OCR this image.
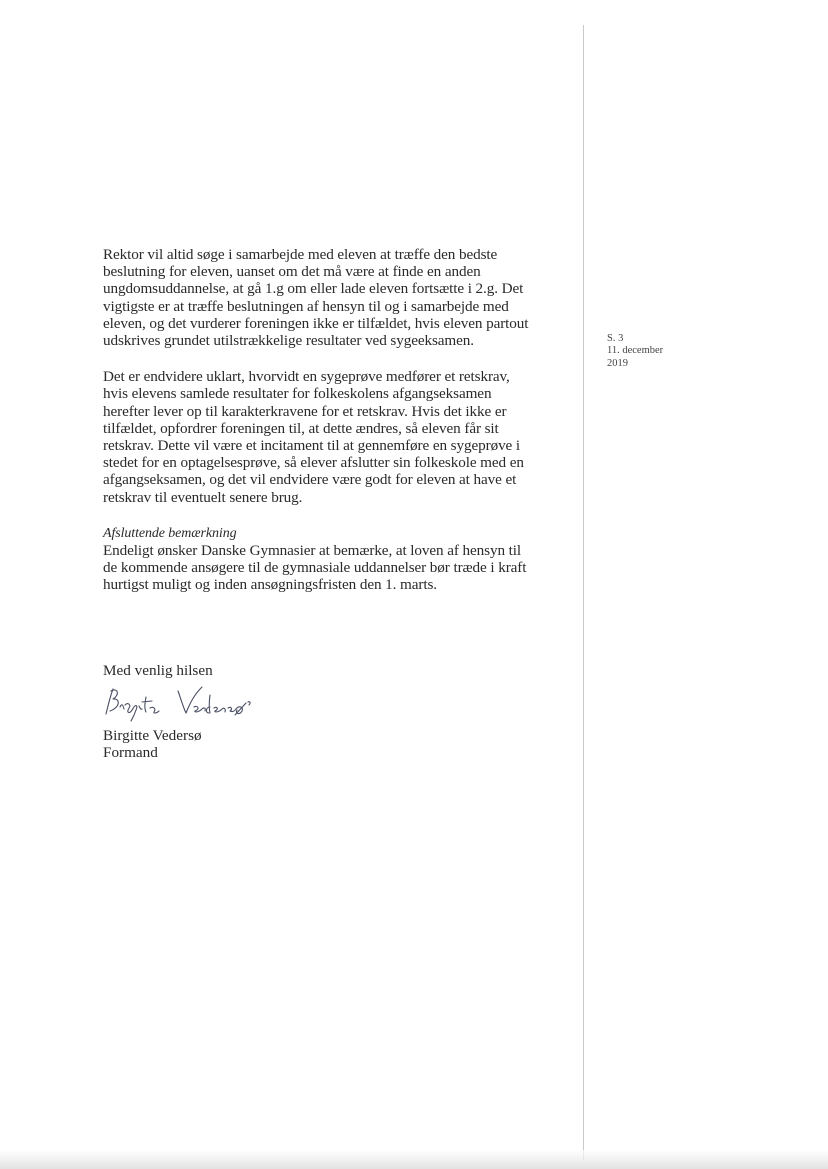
Rektor vil altid søge i samarbejde med eleven at træffe den bedste
beslutning for eleven, uanset om det må være at finde en anden
ungdomsuddannelse, at gå 1.g om eller lade eleven fortsætte i 2.g. Det
vigtigste er at træffe beslutningen af hensyn til og i samarbejde med
eleven, og det vurderer foreningen ikke er tilfældet, hvis eleven partout
udskrives grundet utilstrækkelige resultater ved sygeeksamen.

Det er endvidere uklart, hvorvidt en sygeprøve medfører et retskrav,
hvis elevens samlede resultater for folkeskolens afgangseksamen
herefter lever op til karakterkravene for et retskrav. Hvis det ikke er
tilfældet, opfordrer foreningen til, at dette ændres, så eleven får sit
retskrav. Dette vil være et incitament til at gennemføre en sygeprøve i
stedet for en optagelsesprøve, så elever afslutter sin folkeskole med en
afgangseksamen, og det vil endvidere være godt for eleven at have et
retskrav til eventuelt senere brug.

Afsluttende bemærkning

Endeligt ønsker Danske Gymnasier at bemærke, at loven af hensyn til
de kommende ansøgere til de gymnasiale uddannelser bør træde i kraft
hurtigst muligt og inden ansøgningsfristen den 1. marts.

Med venlig hilsen
Birgitte Vedersø
Formand
S. 3
11. december
2019
